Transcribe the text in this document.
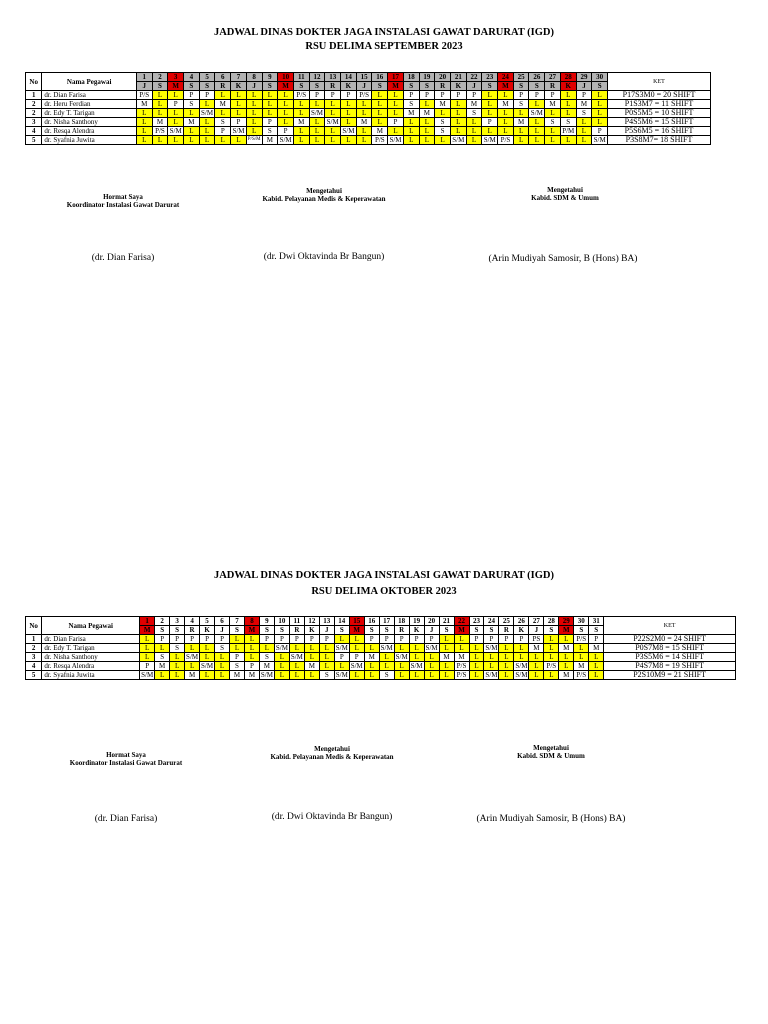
JADWAL DINAS DOKTER JAGA INSTALASI GAWAT DARURAT (IGD)
RSU DELIMA SEPTEMBER 2023
No	Nama Pegawai	1	2	3	4	5	6	7	8	9	10	11	12	13	14	15	16	17	18	19	20	21	22	23	24	25	26	27	28	29	30	KET
		J	S	M	S	S	R	K	J	S	M	S	S	R	K	J	S	M	S	S	R	K	J	S	M	S	S	R	K	J	S	
1	dr. Dian Farisa	P/S	L	L	P	P	L	L	L	L	L	P/S	P	P	P	P/S	L	L	P	P	P	P	P	L	L	P	P	P	L	P	L	P17S3M0 = 20 SHIFT
2	dr. Heru Ferdian	M	L	P	S	L	M	L	L	L	L	L	L	L	L	L	L	L	S	L	M	L	M	L	M	S	L	M	L	M	L	P1S3M7 = 11 SHIFT
2	dr. Edy T. Tarigan	L	L	L	L	S/M	L	L	L	L	L	L	S/M	L	L	L	L	L	M	M	L	L	S	L	L	L	S/M	L	L	S	L	P0S5M5 = 10 SHIFT
3	dr. Nisha Santhony	L	M	L	M	L	S	P	L	P	L	M	L	S/M	L	M	L	P	L	L	S	L	L	P	L	M	L	S	S	L	L	P4S5M6 = 15 SHIFT
4	dr. Resqa Alendra	L	P/S	S/M	L	L	P	S/M	L	S	P	L	L	L	S/M	L	M	L	L	L	S	L	L	L	L	L	L	L	P/M	L	P	P5S6M5 = 16 SHIFT
5	dr. Syafnia Juwita	L	L	L	L	L	L	L	P/S/M	M	S/M	L	L	L	L	L	P/S	S/M	L	L	L	S/M	L	S/M	P/S	L	L	L	L	L	S/M	P3S8M7= 18 SHIFT
Hormat Saya
Koordinator Instalasi Gawat Darurat
Mengetahui
Kabid. Pelayanan Medis & Keperawatan
Mengetahui
Kabid. SDM & Umum
(dr. Dian Farisa)	(dr. Dwi Oktavinda Br Bangun)	(Arin Mudiyah Samosir, B (Hons) BA)
JADWAL DINAS DOKTER JAGA INSTALASI GAWAT DARURAT (IGD)
RSU DELIMA OKTOBER 2023
No	Nama Pegawai	1	2	3	4	5	6	7	8	9	10	11	12	13	14	15	16	17	18	19	20	21	22	23	24	25	26	27	28	29	30	31	KET
		M	S	S	R	K	J	S	M	S	S	R	K	J	S	M	S	S	R	K	J	S	M	S	S	R	K	J	S	M	S	S	
1	dr. Dian Farisa	L	P	P	P	P	P	L	L	P	P	P	P	P	L	L	P	P	P	P	P	L	L	P	P	P	P	PS	L	L	P/S	P	P22S2M0 = 24 SHIFT
2	dr. Edy T. Tarigan	L	L	S	L	L	S	L	L	L	S/M	L	L	L	S/M	L	L	S/M	L	L	S/M	L	L	L	S/M	L	L	M	L	M	L	M	P0S7M8 = 15 SHIFT
3	dr. Nisha Santhony	L	S	L	S/M	L	L	P	L	S	L	S/M	L	L	P	P	M	L	S/M	L	L	M	M	L	L	L	L	L	L	L	L	L	P3S5M6 = 14 SHIFT
4	dr. Resqa Alendra	P	M	L	L	S/M	L	S	P	M	L	L	M	L	L	S/M	L	L	L	S/M	L	L	P/S	L	L	L	S/M	L	P/S	L	M	L	P4S7M8 = 19 SHIFT
5	dr. Syafnia Juwita	S/M	L	L	M	L	L	M	M	S/M	L	L	L	S	S/M	L	L	S	L	L	L	L	P/S	L	S/M	L	S/M	L	L	M	P/S	L	P2S10M9 = 21 SHIFT
Hormat Saya
Koordinator Instalasi Gawat Darurat
Mengetahui
Kabid. Pelayanan Medis & Keperawatan
Mengetahui
Kabid. SDM & Umum
(dr. Dian Farisa)	(dr. Dwi Oktavinda Br Bangun)	(Arin Mudiyah Samosir, B (Hons) BA)
